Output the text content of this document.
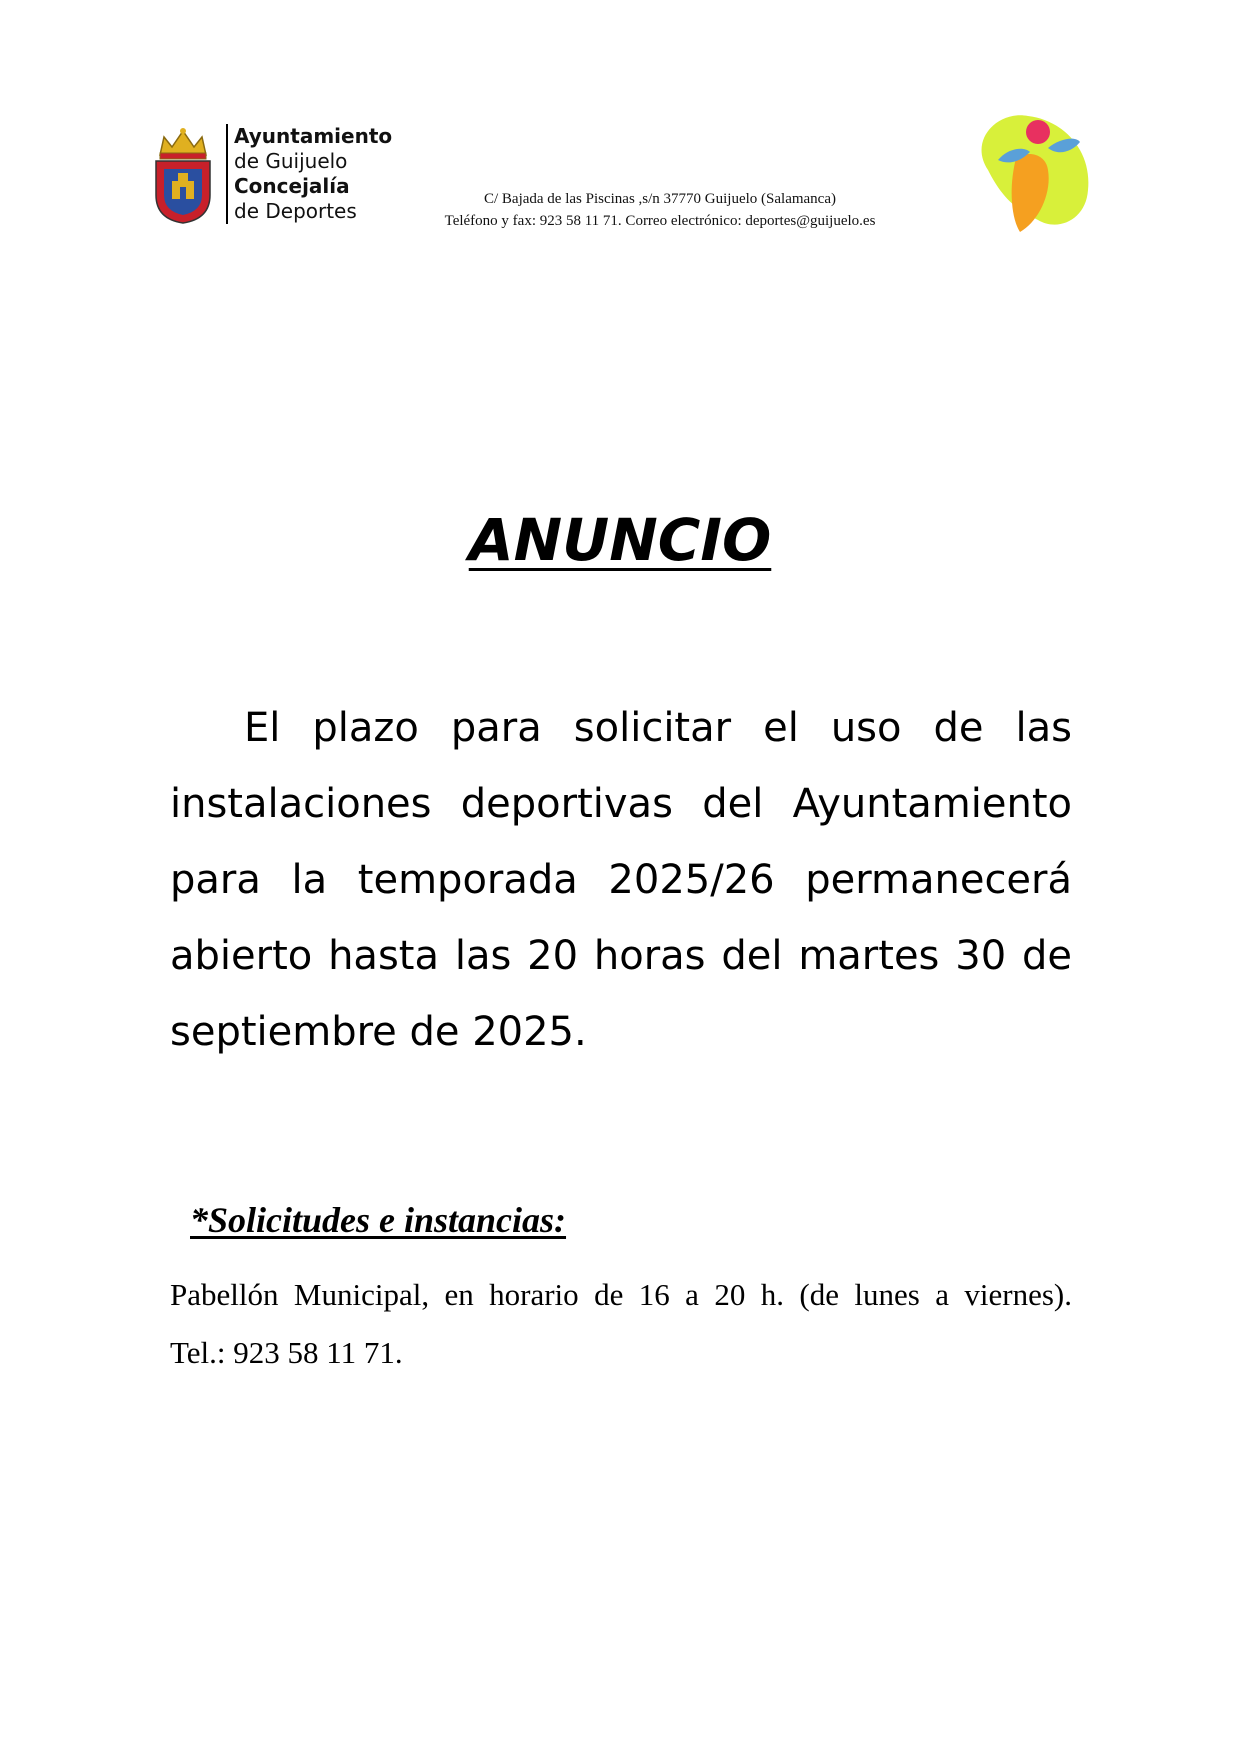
Ayuntamiento
de Guijuelo
Concejalía
de Deportes	C/ Bajada de las Piscinas ,s/n 37770 Guijuelo (Salamanca)
Teléfono y fax: 923 58 11 71. Correo electrónico: deportes@guijuelo.es
ANUNCIO

El plazo para solicitar el uso de las instalaciones deportivas del Ayuntamiento para la temporada 2025/26 permanecerá abierto hasta las 20 horas del martes 30 de septiembre de 2025.

*Solicitudes e instancias:
Pabellón Municipal, en horario de 16 a 20 h. (de lunes a viernes).
Tel.: 923 58 11 71.
